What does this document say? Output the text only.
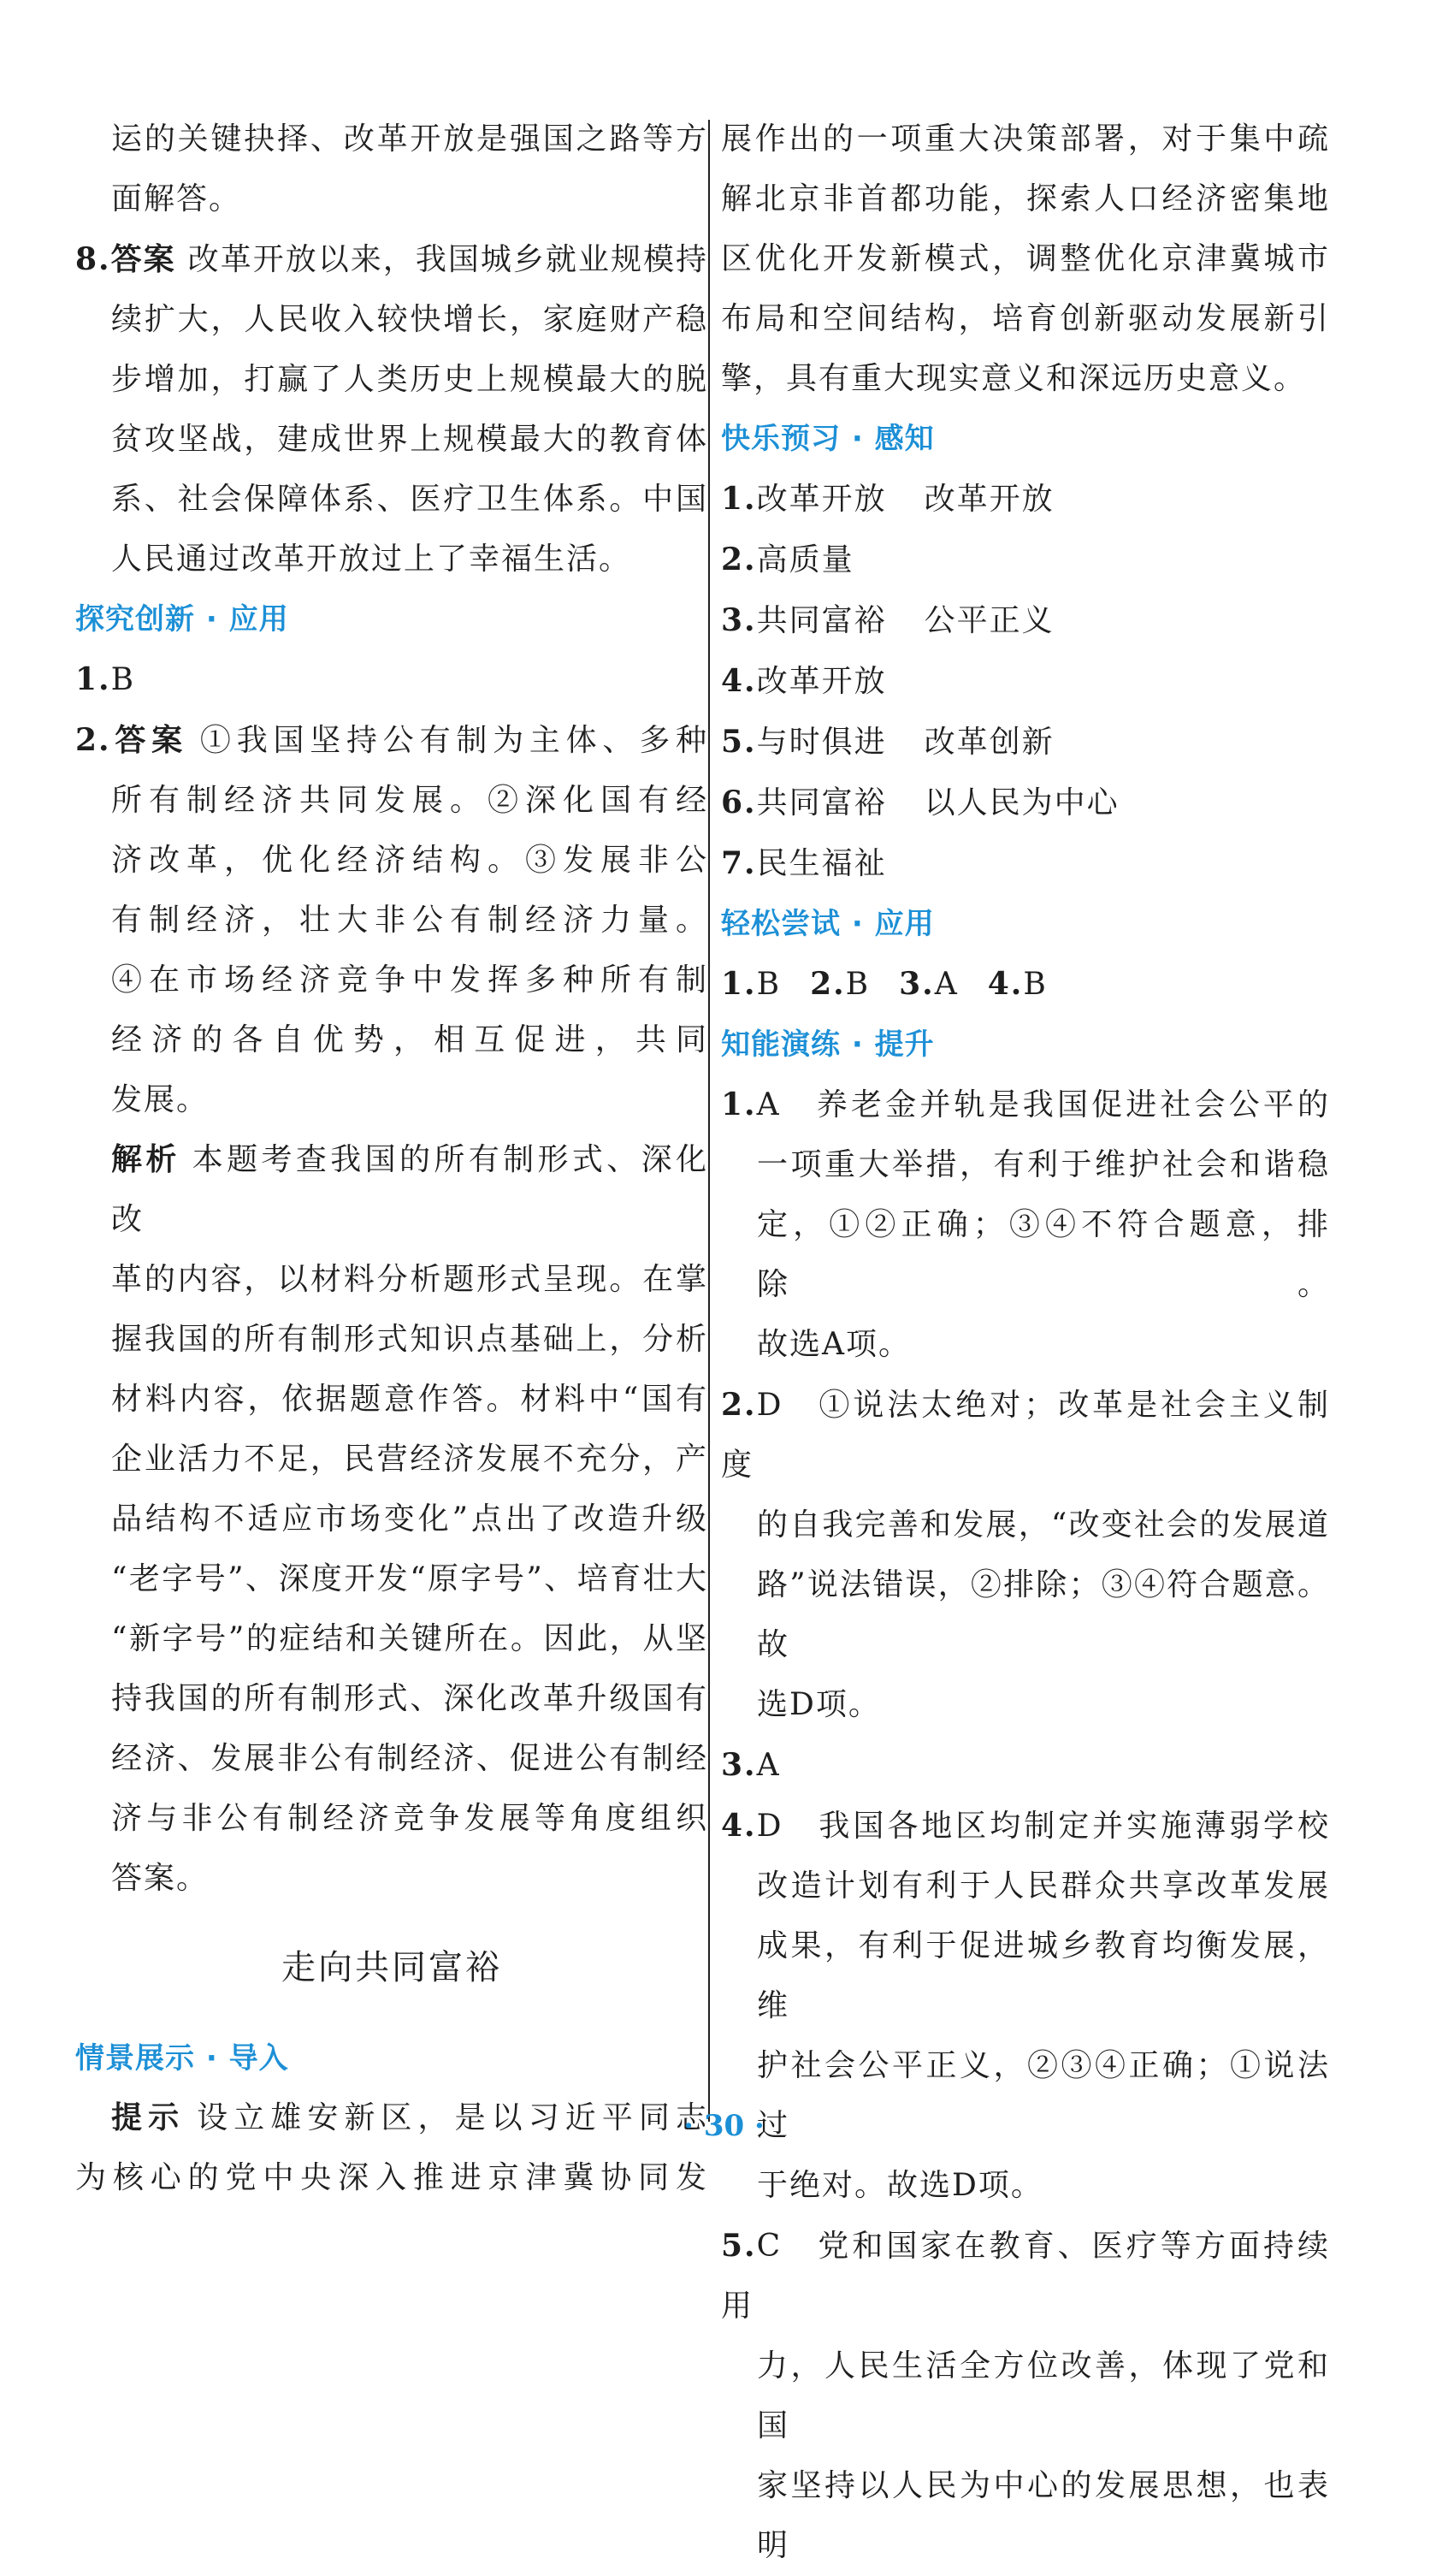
运的关键抉择、改革开放是强国之路等方
面解答。
8.答案 改革开放以来，我国城乡就业规模持
续扩大，人民收入较快增长，家庭财产稳
步增加，打赢了人类历史上规模最大的脱
贫攻坚战，建成世界上规模最大的教育体
系、社会保障体系、医疗卫生体系。中国
人民通过改革开放过上了幸福生活。
探究创新 · 应用
1.B
2.答案 ①我国坚持公有制为主体、多种
所有制经济共同发展。②深化国有经
济改革，优化经济结构。③发展非公
有制经济，壮大非公有制经济力量。
④在市场经济竞争中发挥多种所有制
经济的各自优势，相互促进，共同
发展。
解析 本题考查我国的所有制形式、深化改
革的内容，以材料分析题形式呈现。在掌
握我国的所有制形式知识点基础上，分析
材料内容，依据题意作答。材料中“国有
企业活力不足，民营经济发展不充分，产
品结构不适应市场变化”点出了改造升级
“老字号”、深度开发“原字号”、培育壮大
“新字号”的症结和关键所在。因此，从坚
持我国的所有制形式、深化改革升级国有
经济、发展非公有制经济、促进公有制经
济与非公有制经济竞争发展等角度组织
答案。
走向共同富裕
情景展示 · 导入
提示 设立雄安新区，是以习近平同志
为核心的党中央深入推进京津冀协同发
展作出的一项重大决策部署，对于集中疏
解北京非首都功能，探索人口经济密集地
区优化开发新模式，调整优化京津冀城市
布局和空间结构，培育创新驱动发展新引
擎，具有重大现实意义和深远历史意义。
快乐预习 · 感知
1.改革开放 改革开放
2.高质量
3.共同富裕 公平正义
4.改革开放
5.与时俱进 改革创新
6.共同富裕 以人民为中心
7.民生福祉
轻松尝试 · 应用
1.B 2.B 3.A 4.B
知能演练 · 提升
1.A　养老金并轨是我国促进社会公平的
一项重大举措，有利于维护社会和谐稳
定，①②正确；③④不符合题意，排除。
故选A项。
2.D　①说法太绝对；改革是社会主义制度
的自我完善和发展，“改变社会的发展道
路”说法错误，②排除；③④符合题意。故
选D项。
3.A
4.D　我国各地区均制定并实施薄弱学校
改造计划有利于人民群众共享改革发展
成果，有利于促进城乡教育均衡发展，维
护社会公平正义，②③④正确；①说法过
于绝对。故选D项。
5.C　党和国家在教育、医疗等方面持续用
力，人民生活全方位改善，体现了党和国
家坚持以人民为中心的发展思想，也表明
· 30 ·
